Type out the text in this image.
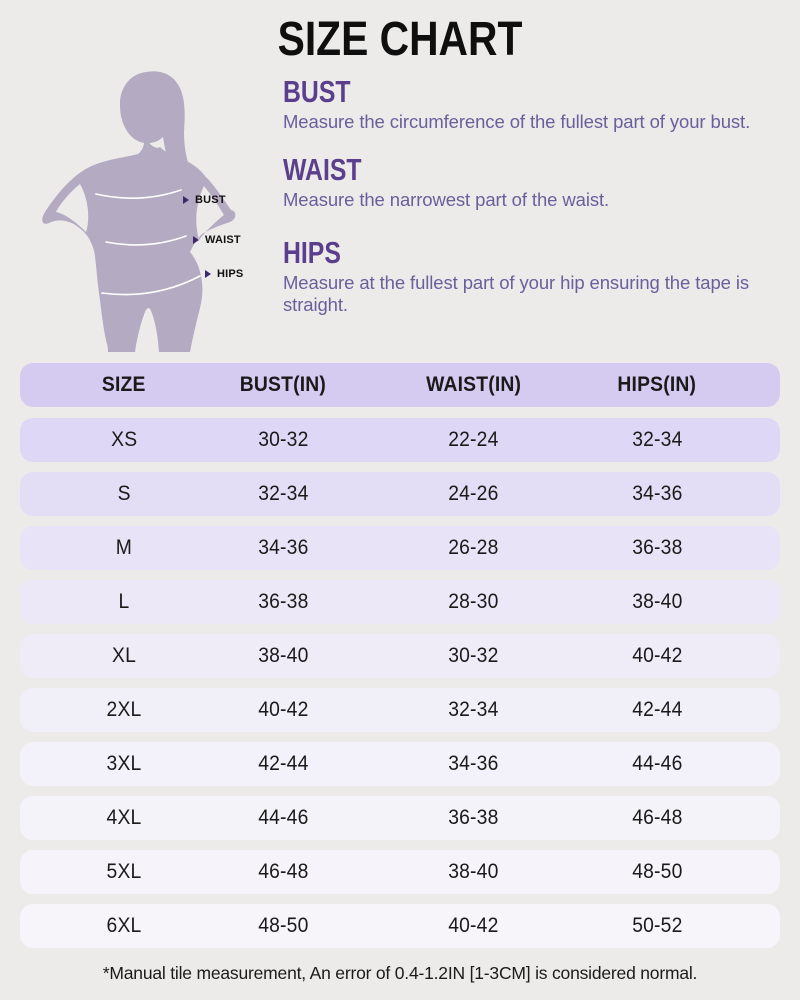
SIZE CHART
BUST
WAIST
HIPS
BUST

Measure the circumference of the fullest part of your bust.

WAIST

Measure the narrowest part of the waist.

HIPS

Measure at the fullest part of your hip ensuring the tape is straight.

SIZE	BUST(IN)	WAIST(IN)	HIPS(IN)
XS	30-32	22-24	32-34
S	32-34	24-26	34-36
M	34-36	26-28	36-38
L	36-38	28-30	38-40
XL	38-40	30-32	40-42
2XL	40-42	32-34	42-44
3XL	42-44	34-36	44-46
4XL	44-46	36-38	46-48
5XL	46-48	38-40	48-50
6XL	48-50	40-42	50-52
*Manual tile measurement, An error of 0.4-1.2IN [1-3CM] is considered normal.
